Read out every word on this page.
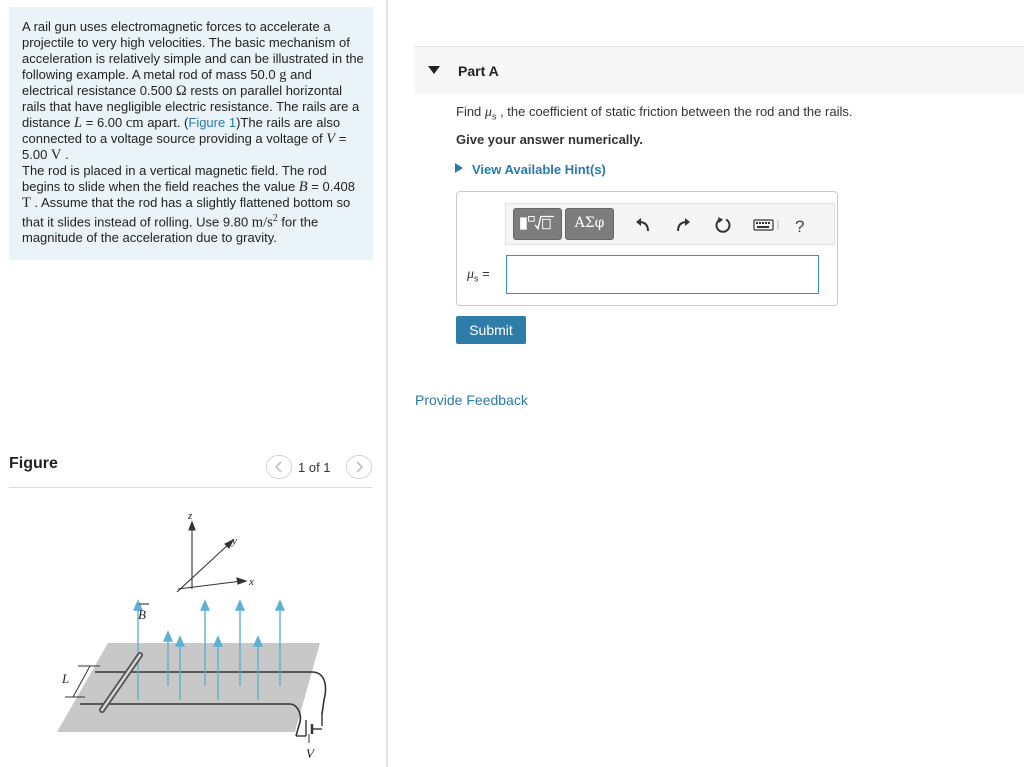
A rail gun uses electromagnetic forces to accelerate a projectile to very high velocities. The basic mechanism of acceleration is relatively simple and can be illustrated in the following example. A metal rod of mass 50.0 g and electrical resistance 0.500 Ω rests on parallel horizontal rails that have negligible electric resistance. The rails are a distance L = 6.00 cm apart. (Figure 1)The rails are also connected to a voltage source providing a voltage of V = 5.00 V .
The rod is placed in a vertical magnetic field. The rod begins to slide when the field reaches the value B = 0.408 T . Assume that the rod has a slightly flattened bottom so that it slides instead of rolling. Use 9.80 $m/s^2$ for the magnitude of the acceleration due to gravity.
Figure	1 of 1
V
L
B
z
y
x
Part A
Find $\mu_s$ , the coefficient of static friction between the rod and the rails.
Give your answer numerically.
View Available Hint(s)
ΑΣφ	?
$\mu_s$ =
Submit
Provide Feedback
